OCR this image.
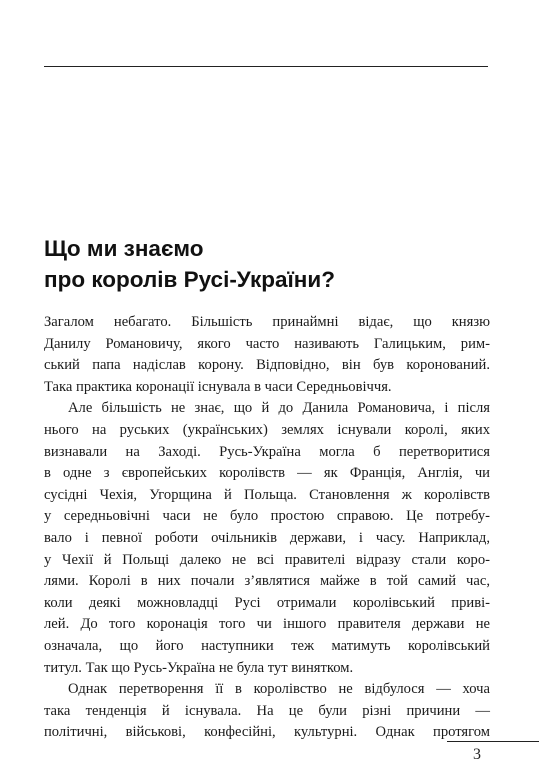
Що ми знаємо
про королів Русі-України?
Загалом небагато. Більшість принаймні відає, що князю
Данилу Романовичу, якого часто називають Галицьким, рим-
ський папа надіслав корону. Відповідно, він був коронований.
Така практика коронації існувала в часи Середньовіччя.
Але більшість не знає, що й до Данила Романовича, і після
нього на руських (українських) землях існували королі, яких
визнавали на Заході. Русь-Україна могла б перетворитися
в одне з європейських королівств — як Франція, Англія, чи
сусідні Чехія, Угорщина й Польща. Становлення ж королівств
у середньовічні часи не було простою справою. Це потребу-
вало і певної роботи очільників держави, і часу. Наприклад,
у Чехії й Польщі далеко не всі правителі відразу стали коро-
лями. Королі в них почали з’являтися майже в той самий час,
коли деякі можновладці Русі отримали королівський приві-
лей. До того коронація того чи іншого правителя держави не
означала, що його наступники теж матимуть королівський
титул. Так що Русь-Україна не була тут винятком.
Однак перетворення її в королівство не відбулося — хоча
така тенденція й існувала. На це були різні причини —
політичні, військові, конфесійні, культурні. Однак протягом
3
